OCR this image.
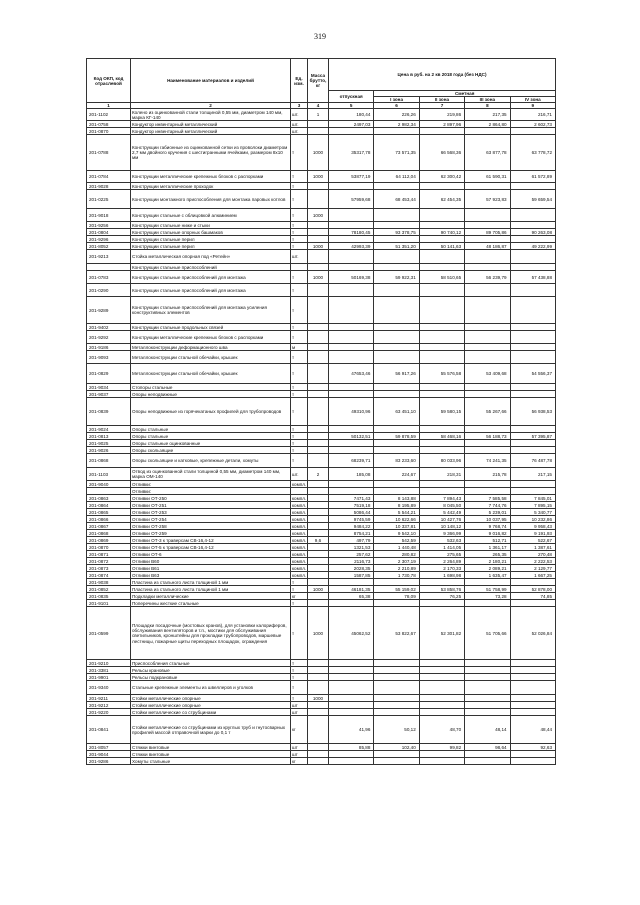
319
Код ОКП, код отраслевой	Наименование материалов и изделий	Ед. изм.	Масса брутто, кг	Цена в руб. на 2 кв 2018 года (без НДС)				
				отпускная	Сметная			
					I зона	II зона	III зона	IV зона
1	2	3	4	5	6	7	8	9
201-1102	Колено из оцинкованной стали толщиной 0,55 мм, диаметром 140 мм, марка КГ-140	шт.	1	180,44	226,26	219,86	217,35	216,71
201-0758	Кондуктор инвентарный металлический	шт.		2497,03	2 982,34	2 897,96	2 864,80	2 602,73
201-0870	Кондуктор инвентарный металлический	шт.						
201-0788	Конструкции габионные из оцинкованной сетки из проволоки диаметром 2,7 мм двойного кручения с шестигранными ячейками, размером 8х10 мм	т	1000	35317,78	73 571,35	66 568,36	63 877,78	63 778,72
201-0784	Конструкции металлические крепежных блоков с распорками	т	1000	53877,19	64 112,04	62 300,42	61 590,31	61 572,89
201-9028	Конструкции металлические проходок	т						
201-0225	Конструкции монтажного приспособления для монтажа паровых котлов	т		57959,68	68 453,44	62 454,35	57 923,83	59 659,54
201-9018	Конструкции стальные с облицовкой алюминием	т	1000					
201-9256	Конструкции стальные ниже и стыки	т						
201-0804	Конструкции стальные опорных башмаков	т		78180,45	93 378,75	90 740,12	89 705,86	90 263,08
201-9296	Конструкции стальные перил	т						
201-8052	Конструкции стальные перил	т	1000	42993,39	51 351,20	50 141,63	48 186,87	49 222,99
201-9213	Стойка металлическая опорная под «Ретейн»	шт.						
	Конструкции стальные приспособлений							
201-0783	Конструкции стальные приспособлений для монтажа	т	1000	50169,38	59 922,31	58 510,65	56 239,79	57 438,88
201-0290	Конструкции стальные приспособлений для монтажа	т						
201-9289	Конструкции стальные приспособлений для монтажа усиления конструктивных элементов	т						
201-9402	Конструкции стальные продольных связей	т						
201-9292	Конструкции металлические крепежных блоков с распорками	т						
201-9186	Металлоконструкции деформационного шва	м						
201-9093	Металлоконструкции стальной обечайки, крышек	т						
201-0829	Металлоконструкции стальной обечайки, крышек	т		47653,46	56 917,26	55 576,58	53 409,68	54 556,37
201-9034	Стопоры стальные	т						
201-9037	Опоры неподвижные	т						
201-0839	Опоры неподвижные из горячекатаных профилей для трубопроводов	т		49310,96	63 451,10	59 580,15	55 267,66	56 938,53
201-9024	Опоры стальные	т						
201-0813	Опоры стальные	т		50132,51	59 878,59	58 468,16	56 188,73	57 395,87
201-9025	Опоры стальные оцинкованные	т						
201-9026	Опоры скользящие	т						
201-0868	Опоры скользящие и катковые, крепежные детали, хомуты	т		68239,71	83 233,60	80 033,96	74 241,35	76 487,78
201-1103	Отвод из оцинкованной стали толщиной 0,55 мм, диаметром 140 мм, марка ОМ-140	шт.	2	185,08	224,67	218,31	215,78	217,15
201-9040	Отливки:	компл.						
	Отливки:							
201-0863	Отливки ОТ-250	компл.		7471,43	8 143,88	7 894,43	7 585,58	7 845,01
201-0864	Отливки ОТ-251	компл.		7519,18	8 195,89	8 045,50	7 744,76	7 895,15
201-0865	Отливки ОТ-253	компл.		5086,44	5 544,21	5 442,49	5 239,01	5 340,77
201-0866	Отливки ОТ-254	компл.		9745,59	10 622,66	10 427,76	10 037,95	10 232,86
201-0867	Отливки ОТ-258	компл.		9484,22	10 337,81	10 148,12	9 768,74	9 958,43
201-0868	Отливки ОТ-259	компл.		8754,21	9 542,10	9 366,99	9 016,82	9 191,93
201-0869	Отливки ОТ-3 к траверсам СВ-16,4-12	компл.	9,6	497,79	542,59	532,63	512,71	522,67
201-0870	Отливки ОТ-5 к траверсам СВ-16,4-12	компл.		1321,53	1 440,48	1 414,05	1 361,17	1 387,61
201-0871	Отливки ОТ-6	компл.		257,62	280,82	275,65	265,35	270,48
201-0872	Отливки В60	компл.		2116,73	2 307,19	2 264,89	2 180,21	2 222,53
201-0873	Отливки В61	компл.		2028,35	2 210,89	2 170,33	2 089,21	2 129,77
201-0874	Отливки В63	компл.		1587,85	1 730,78	1 698,98	1 635,47	1 667,25
201-9038	Пластина из стального листа толщиной 1 мм	т						
201-0852	Пластина из стального листа толщиной 1 мм	т	1000	46181,35	55 159,02	53 858,76	51 758,99	52 878,00
201-0835	Подкладки металлические	кг		65,38	78,09	76,25	73,28	74,85
201-9101	Поперечины жесткие стальные	т						
201-0599	Площадки посадочные (мостовых кранов), для установки калориферов, обслуживания вентиляторов и т.п., мостики для обслуживания светильников, кронштейны для прокладки трубопроводов, маршевые лестницы, пожарные щиты переходных площадок, ограждения	т	1000	45062,52	53 822,67	52 301,82	51 705,66	52 026,84
201-9210	Приспособления стальные	т						
201-3381	Рельсы крановые	т						
201-9901	Рельсы подкрановые	т						
201-9340	Стальные крепежные элементы из швеллеров и уголков	т						
201-9211	Стойки металлические опорные	т	1000					
201-9212	Стойки металлические опорные	шт						
201-9220	Стойки металлические со струбцинами	шт						
201-0841	Стойки металлические со струбцинами из круглых труб и гнутосварных профилей массой отправочной марки до 0,1 т	кг		41,96	50,12	48,70	48,14	48,44
201-8057	Стяжки винтовые	шт		85,88	102,40	99,82	98,64	92,63
201-9044	Стяжки винтовые	шт						
201-9286	Хомуты стальные	кг						
